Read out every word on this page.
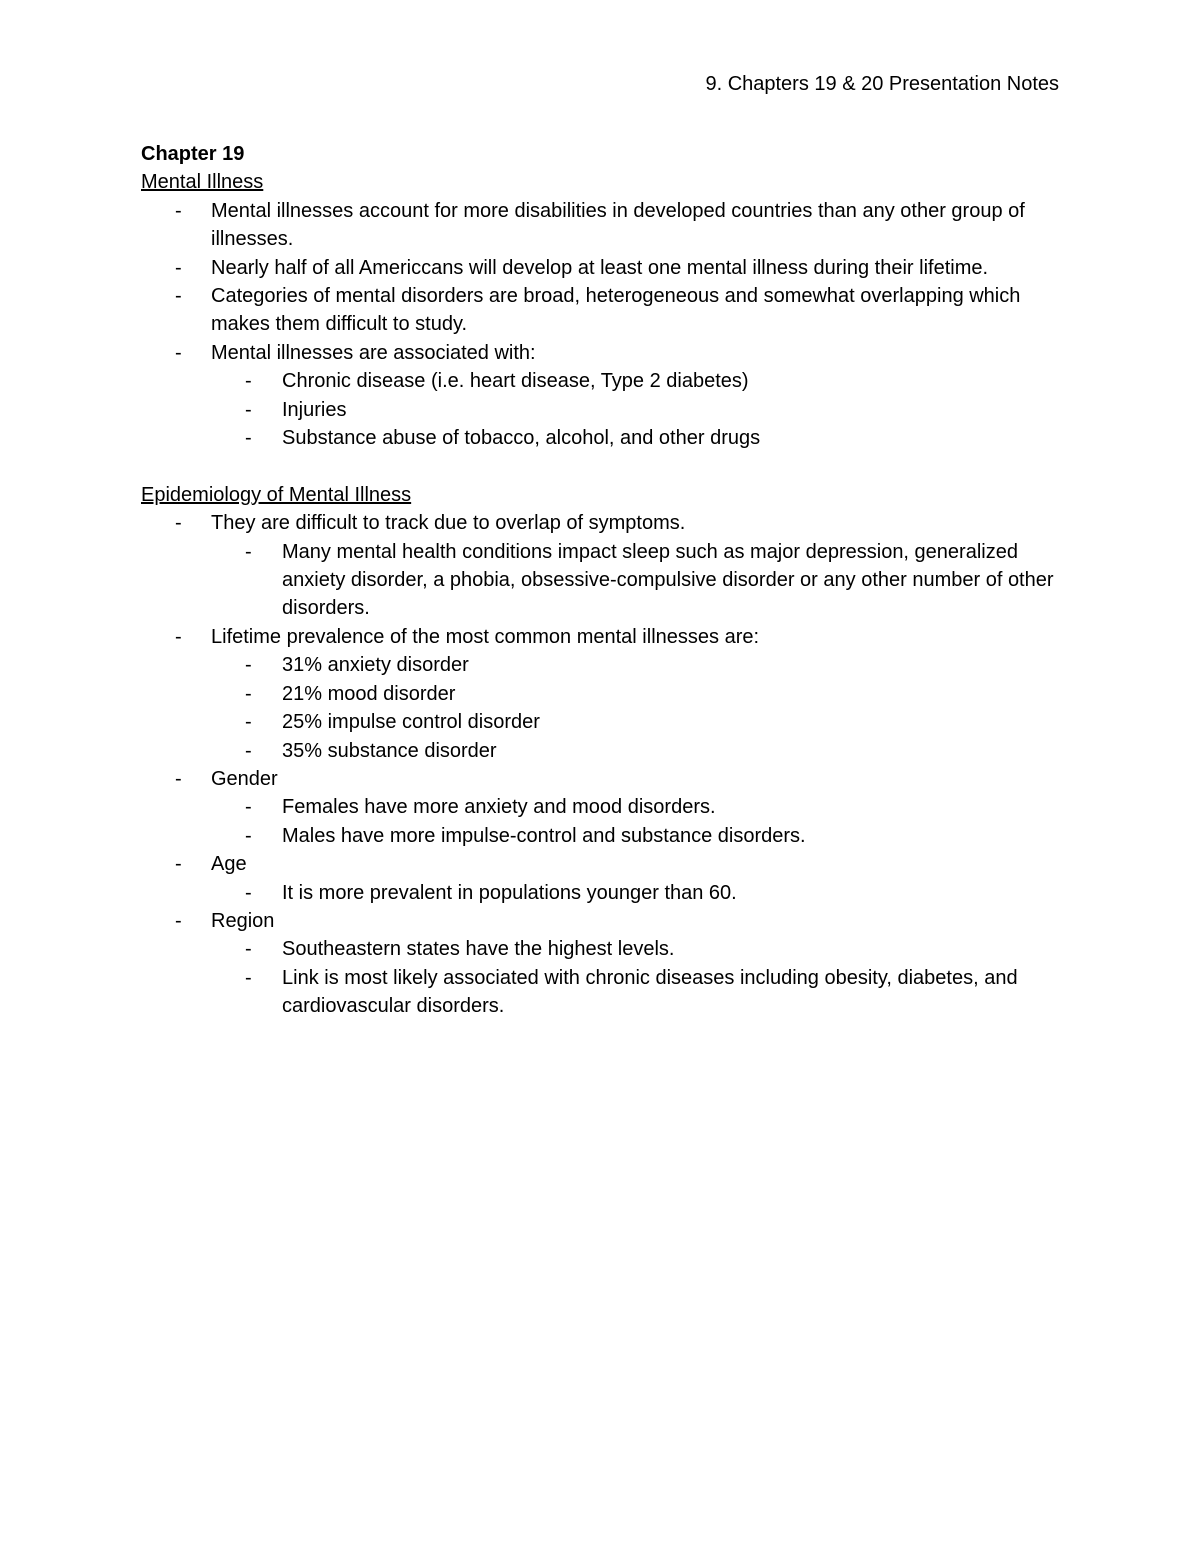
9. Chapters 19 & 20 Presentation Notes
Chapter 19
Mental Illness
- Mental illnesses account for more disabilities in developed countries than any other group of illnesses.
- Nearly half of all Americcans will develop at least one mental illness during their lifetime.
- Categories of mental disorders are broad, heterogeneous and somewhat overlapping which makes them difficult to study.
- Mental illnesses are associated with:
- Chronic disease (i.e. heart disease, Type 2 diabetes)
- Injuries
- Substance abuse of tobacco, alcohol, and other drugs
Epidemiology of Mental Illness
- They are difficult to track due to overlap of symptoms.
- Many mental health conditions impact sleep such as major depression, generalized anxiety disorder, a phobia, obsessive-compulsive disorder or any other number of other disorders.
- Lifetime prevalence of the most common mental illnesses are:
- 31% anxiety disorder
- 21% mood disorder
- 25% impulse control disorder
- 35% substance disorder
- Gender
- Females have more anxiety and mood disorders.
- Males have more impulse-control and substance disorders.
- Age
- It is more prevalent in populations younger than 60.
- Region
- Southeastern states have the highest levels.
- Link is most likely associated with chronic diseases including obesity, diabetes, and cardiovascular disorders.
